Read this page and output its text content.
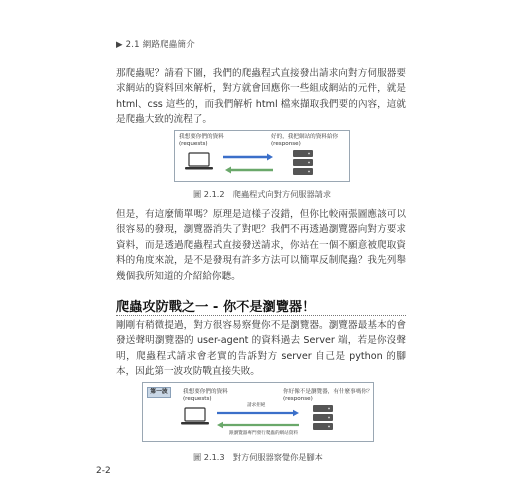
▶ 2.1 網路爬蟲簡介

那爬蟲呢？請看下圖，我們的爬蟲程式直接發出請求向對方伺服器要求網站的資料回來解析，對方就會回應你一些組成網站的元件，就是 html、css 這些的，而我們解析 html 檔來擷取我們要的內容，這就是爬蟲大致的流程了。

我想要你們的資料
(requests)
好的，我把網站的資料給你
(response)
圖 2.1.2　爬蟲程式向對方伺服器請求

但是，有這麼簡單嗎？原理是這樣子沒錯，但你比較兩張圖應該可以很容易的發現，瀏覽器消失了對吧？我們不再透過瀏覽器向對方要求資料，而是透過爬蟲程式直接發送請求，你站在一個不願意被爬取資料的角度來說，是不是發現有許多方法可以簡單反制爬蟲？我先列舉幾個我所知道的介紹給你聽。

爬蟲攻防戰之一 - 你不是瀏覽器！

剛剛有稍微提過，對方很容易察覺你不是瀏覽器。瀏覽器最基本的會發送聲明瀏覽器的 user-agent 的資料過去 Server 端，若是你沒聲明，爬蟲程式請求會老實的告訴對方 server 自己是 python 的腳本，因此第一波攻防戰直接失敗。

第一波	我想要你們的資料
(requests)
你好像不是瀏覽器，有什麼事嗎你？
(response)
請求拒絕
跟瀏覽器專門發行爬蟲的網站資料
圖 2.1.3　對方伺服器察覺你是腳本
2-2
